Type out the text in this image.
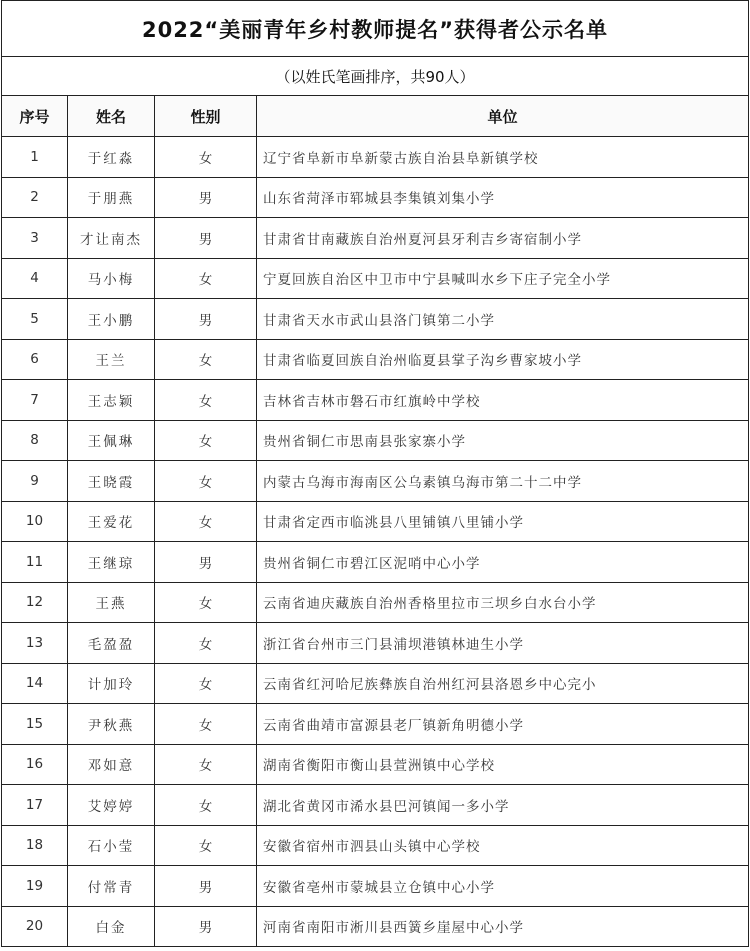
2022“美丽青年乡村教师提名”获得者公示名单			
（以姓氏笔画排序，共90人）			
序号	姓名	性别	单位
1	于红淼	女	辽宁省阜新市阜新蒙古族自治县阜新镇学校
2	于朋燕	男	山东省菏泽市郓城县李集镇刘集小学
3	才让南杰	男	甘肃省甘南藏族自治州夏河县牙利吉乡寄宿制小学
4	马小梅	女	宁夏回族自治区中卫市中宁县喊叫水乡下庄子完全小学
5	王小鹏	男	甘肃省天水市武山县洛门镇第二小学
6	王兰	女	甘肃省临夏回族自治州临夏县掌子沟乡曹家坡小学
7	王志颖	女	吉林省吉林市磐石市红旗岭中学校
8	王佩琳	女	贵州省铜仁市思南县张家寨小学
9	王晓霞	女	内蒙古乌海市海南区公乌素镇乌海市第二十二中学
10	王爱花	女	甘肃省定西市临洮县八里铺镇八里铺小学
11	王继琼	男	贵州省铜仁市碧江区泥哨中心小学
12	王燕	女	云南省迪庆藏族自治州香格里拉市三坝乡白水台小学
13	毛盈盈	女	浙江省台州市三门县浦坝港镇林迪生小学
14	计加玲	女	云南省红河哈尼族彝族自治州红河县洛恩乡中心完小
15	尹秋燕	女	云南省曲靖市富源县老厂镇新角明德小学
16	邓如意	女	湖南省衡阳市衡山县萱洲镇中心学校
17	艾婷婷	女	湖北省黄冈市浠水县巴河镇闻一多小学
18	石小莹	女	安徽省宿州市泗县山头镇中心学校
19	付常青	男	安徽省亳州市蒙城县立仓镇中心小学
20	白金	男	河南省南阳市淅川县西簧乡崖屋中心小学
